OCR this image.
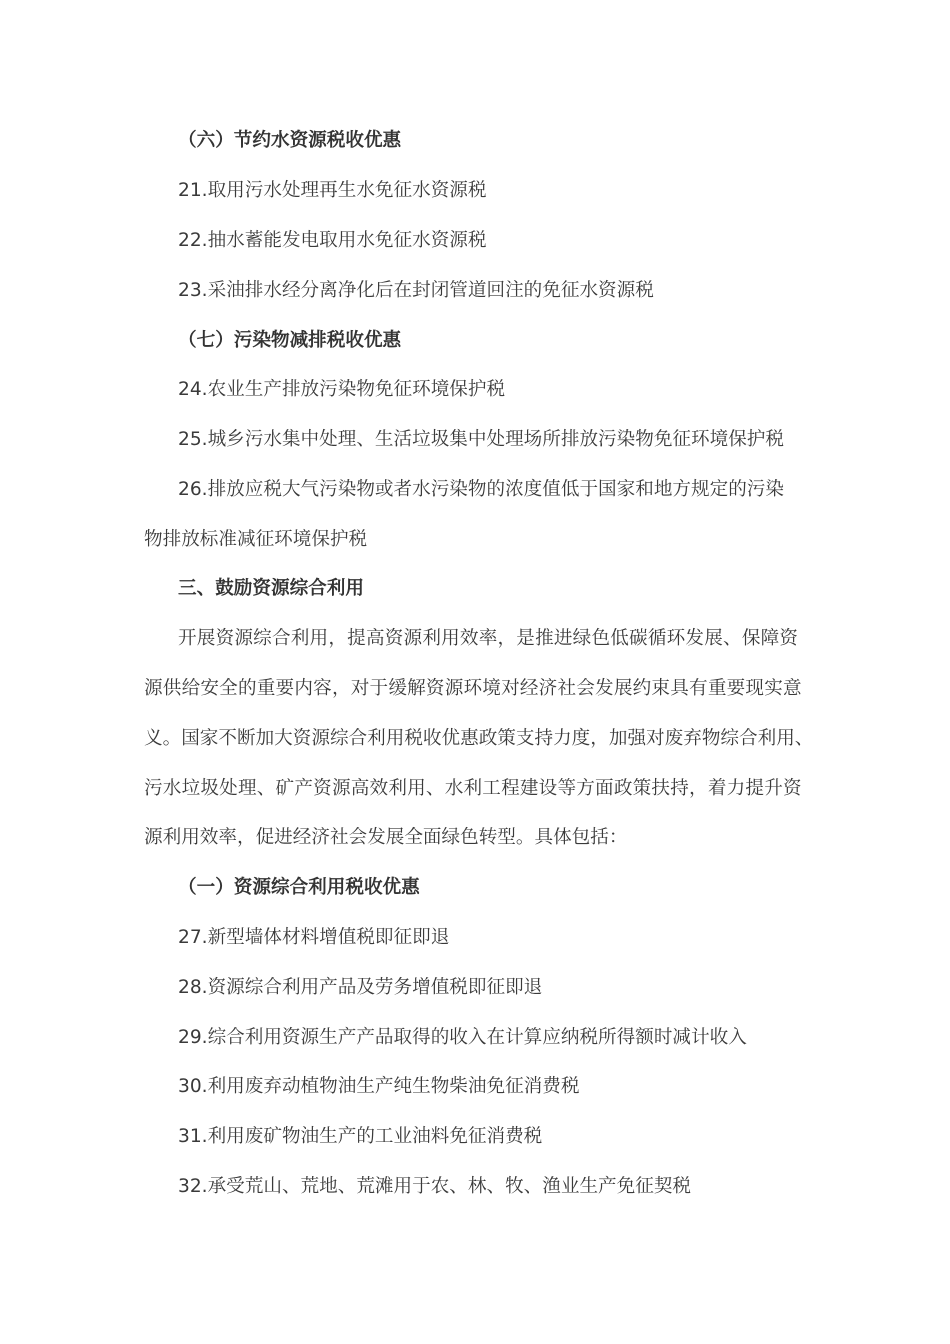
（六）节约水资源税收优惠
21.取用污水处理再生水免征水资源税
22.抽水蓄能发电取用水免征水资源税
23.采油排水经分离净化后在封闭管道回注的免征水资源税
（七）污染物减排税收优惠
24.农业生产排放污染物免征环境保护税
25.城乡污水集中处理、生活垃圾集中处理场所排放污染物免征环境保护税
26.排放应税大气污染物或者水污染物的浓度值低于国家和地方规定的污染
物排放标准减征环境保护税
三、鼓励资源综合利用
开展资源综合利用，提高资源利用效率，是推进绿色低碳循环发展、保障资
源供给安全的重要内容，对于缓解资源环境对经济社会发展约束具有重要现实意
义。国家不断加大资源综合利用税收优惠政策支持力度，加强对废弃物综合利用、
污水垃圾处理、矿产资源高效利用、水利工程建设等方面政策扶持，着力提升资
源利用效率，促进经济社会发展全面绿色转型。具体包括：
（一）资源综合利用税收优惠
27.新型墙体材料增值税即征即退
28.资源综合利用产品及劳务增值税即征即退
29.综合利用资源生产产品取得的收入在计算应纳税所得额时减计收入
30.利用废弃动植物油生产纯生物柴油免征消费税
31.利用废矿物油生产的工业油料免征消费税
32.承受荒山、荒地、荒滩用于农、林、牧、渔业生产免征契税
